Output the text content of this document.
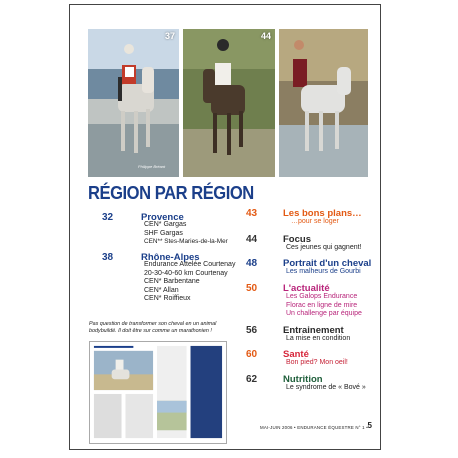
37
Philippe Bréant
44
RÉGION PAR RÉGION
32	Provence
CEN* Gargas
SHF Gargas
CEN** Stes-Maries-de-la-Mer
38	Rhône-Alpes
Endurance Attelée Courtenay
20-30-40-60 km Courtenay
CEN* Barbentane
CEN* Allan
CEN* Roiffieux
Pas question de transformer son cheval en un animal bodybuildé. Il doit être sur comme un marathonien !
43	Les bons plans…
…pour se loger
44	Focus
Ces jeunes qui gagnent!
48	Portrait d'un cheval
Les malheurs de Gourbi
50	L'actualité
Les Galops Endurance
Florac en ligne de mire
Un challenge par équipe
56	Entrainement
La mise en condition
60	Santé
Bon pied? Mon oeil!
62	Nutrition
Le syndrome de « Bové »
MAI-JUIN 2006 • ENDURANCE ÉQUESTRE N° 1 • 5
